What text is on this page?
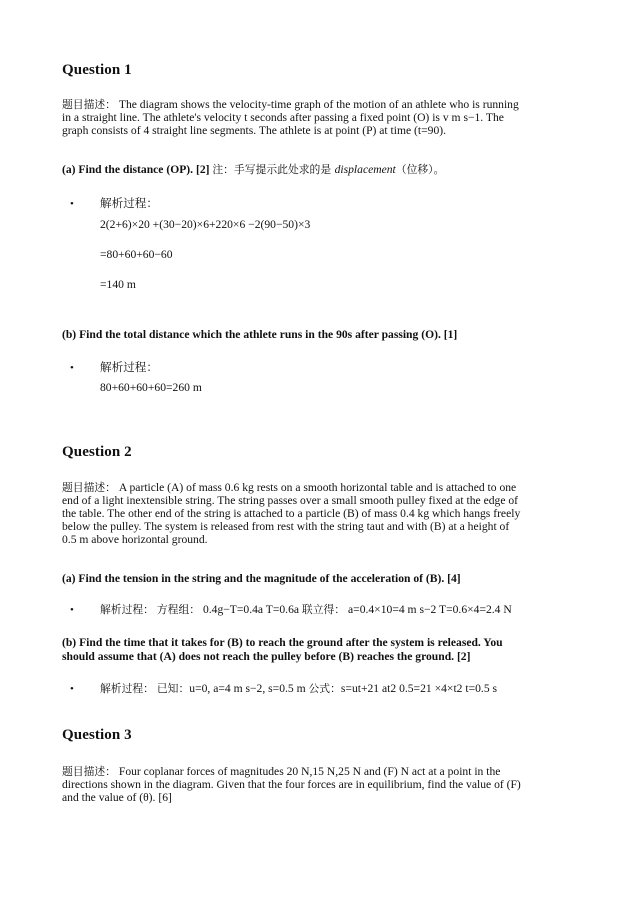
Question 1
题目描述： The diagram shows the velocity-time graph of the motion of an athlete who is running
in a straight line. The athlete's velocity t seconds after passing a fixed point (O) is v m s−1. The
graph consists of 4 straight line segments. The athlete is at point (P) at time (t=90).
(a) Find the distance (OP). [2] 注：手写提示此处求的是 displacement（位移）。
•
解析过程：
2(2+6)×20 +(30−20)×6+220×6 −2(90−50)×3
=80+60+60−60
=140 m
(b) Find the total distance which the athlete runs in the 90s after passing (O). [1]
•
解析过程：
80+60+60+60=260 m
Question 2
题目描述： A particle (A) of mass 0.6 kg rests on a smooth horizontal table and is attached to one
end of a light inextensible string. The string passes over a small smooth pulley fixed at the edge of
the table. The other end of the string is attached to a particle (B) of mass 0.4 kg which hangs freely
below the pulley. The system is released from rest with the string taut and with (B) at a height of
0.5 m above horizontal ground.
(a) Find the tension in the string and the magnitude of the acceleration of (B). [4]
•
解析过程： 方程组： 0.4g−T=0.4a T=0.6a 联立得： a=0.4×10=4 m s−2 T=0.6×4=2.4 N
(b) Find the time that it takes for (B) to reach the ground after the system is released. You
should assume that (A) does not reach the pulley before (B) reaches the ground. [2]
•
解析过程： 已知：u=0, a=4 m s−2, s=0.5 m 公式：s=ut+21 at2 0.5=21 ×4×t2 t=0.5 s
Question 3
题目描述： Four coplanar forces of magnitudes 20 N,15 N,25 N and (F) N act at a point in the
directions shown in the diagram. Given that the four forces are in equilibrium, find the value of (F)
and the value of (θ). [6]
